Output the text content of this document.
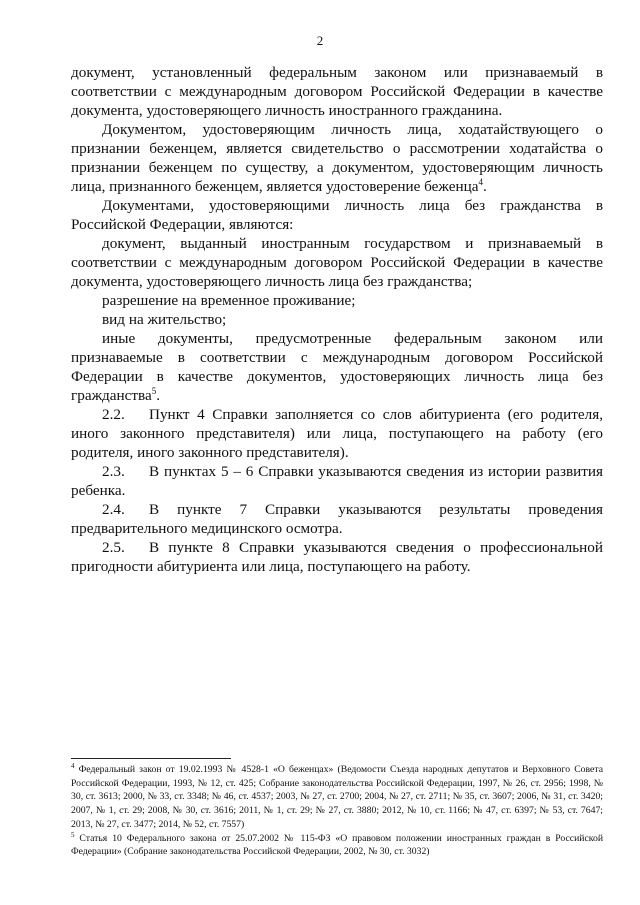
2

документ, установленный федеральным законом или признаваемый в соответствии с международным договором Российской Федерации в качестве документа, удостоверяющего личность иностранного гражданина.

Документом, удостоверяющим личность лица, ходатайствующего о признании беженцем, является свидетельство о рассмотрении ходатайства о признании беженцем по существу, а документом, удостоверяющим личность лица, признанного беженцем, является удостоверение беженца$^4$.

Документами, удостоверяющими личность лица без гражданства в Российской Федерации, являются:

документ, выданный иностранным государством и признаваемый в соответствии с международным договором Российской Федерации в качестве документа, удостоверяющего личность лица без гражданства;

разрешение на временное проживание;

вид на жительство;

иные документы, предусмотренные федеральным законом или признаваемые в соответствии с международным договором Российской Федерации в качестве документов, удостоверяющих личность лица без гражданства$^5$.

2.2. Пункт 4 Справки заполняется со слов абитуриента (его родителя, иного законного представителя) или лица, поступающего на работу (его родителя, иного законного представителя).

2.3. В пунктах 5 – 6 Справки указываются сведения из истории развития ребенка.

2.4. В пункте 7 Справки указываются результаты проведения предварительного медицинского осмотра.

2.5. В пункте 8 Справки указываются сведения о профессиональной пригодности абитуриента или лица, поступающего на работу.

$^4$ Федеральный закон от 19.02.1993 № 4528-1 «О беженцах» (Ведомости Съезда народных депутатов и Верховного Совета Российской Федерации, 1993, № 12, ст. 425; Собрание законодательства Российской Федерации, 1997, № 26, ст. 2956; 1998, № 30, ст. 3613; 2000, № 33, ст. 3348; № 46, ст. 4537; 2003, № 27, ст. 2700; 2004, № 27, ст. 2711; № 35, ст. 3607; 2006, № 31, ст. 3420; 2007, № 1, ст. 29; 2008, № 30, ст. 3616; 2011, № 1, ст. 29; № 27, ст. 3880; 2012, № 10, ст. 1166; № 47, ст. 6397; № 53, ст. 7647; 2013, № 27, ст. 3477; 2014, № 52, ст. 7557)

$^5$ Статья 10 Федерального закона от 25.07.2002 № 115-ФЗ «О правовом положении иностранных граждан в Российской Федерации» (Собрание законодательства Российской Федерации, 2002, № 30, ст. 3032)
